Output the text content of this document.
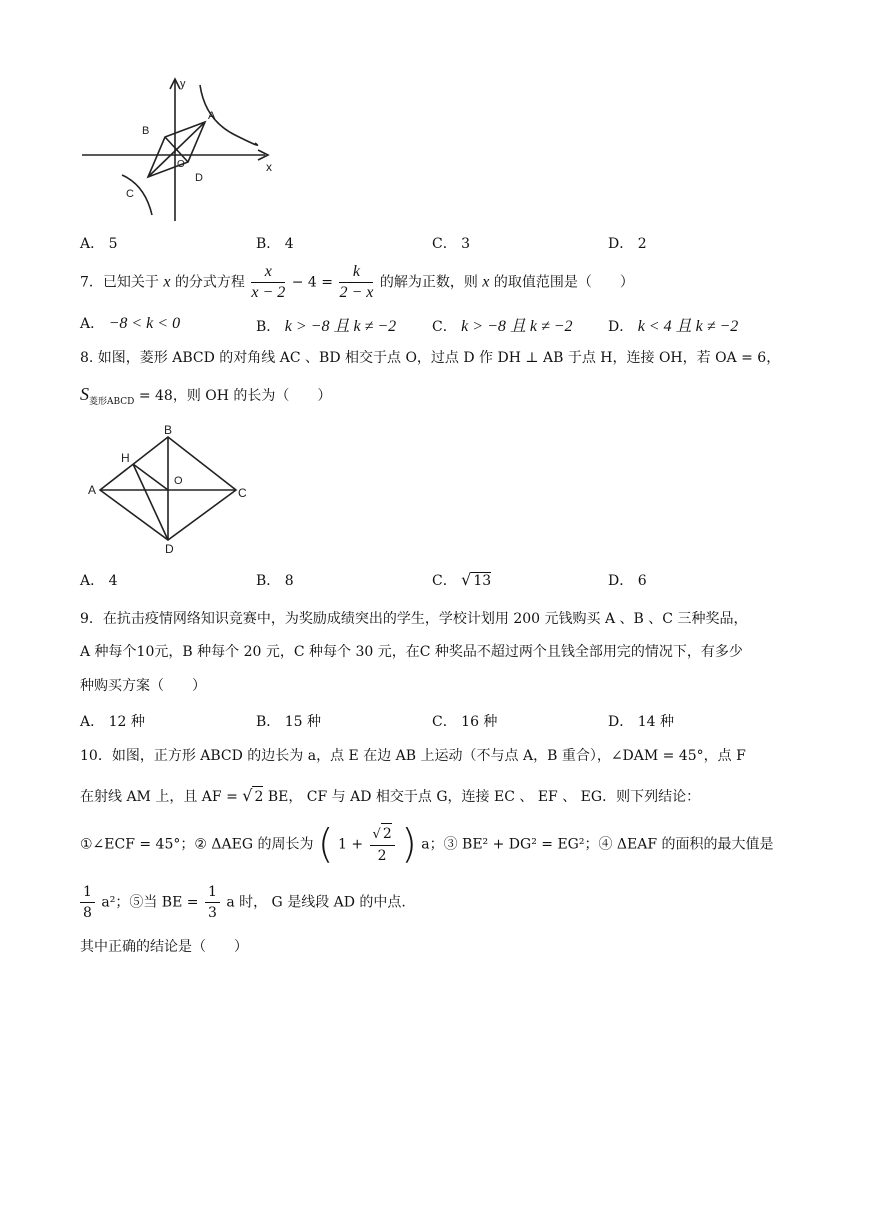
y
x
A
B
C
D
O
A． 5	B． 4	C． 3	D． 2
7．已知关于 x 的分式方程 $\frac{x}{x - 2} - 4 = \frac{k}{2 - x}$ 的解为正数，则 x 的取值范围是（　　）
A． −8 < k < 0	B． k > −8 且 k ≠ −2	C． k > −8 且 k ≠ −2	D． k < 4 且 k ≠ −2
8. 如图，菱形 ABCD 的对角线 AC 、BD 相交于点 O，过点 D 作 DH ⊥ AB 于点 H，连接 OH，若 OA = 6，
$S_{菱形ABCD} = 48$，则 OH 的长为（　　）
B
H
O
A	C
D
A． 4	B． 8	C． √ 13	D． 6
9．在抗击疫情网络知识竞赛中，为奖励成绩突出的学生，学校计划用 200 元钱购买 A 、B 、C 三种奖品，
A 种每个10元，B 种每个 20 元，C 种每个 30 元，在C 种奖品不超过两个且钱全部用完的情况下，有多少
种购买方案（　　）
A． 12 种	B． 15 种	C． 16 种	D． 14 种
10．如图，正方形 ABCD 的边长为 a，点 E 在边 AB 上运动（不与点 A，B 重合），∠DAM = 45°，点 F
在射线 AM 上，且 AF = √ 2 BE， CF 与 AD 相交于点 G，连接 EC 、 EF 、 EG．则下列结论：
①∠ECF = 45°；② ΔAEG 的周长为 ( $1 + \frac{√ 2}{2}$ ) a；③ BE² + DG² = EG²；④ ΔEAF 的面积的最大值是
$\frac{1}{8} a^2$；⑤当 BE = $\frac{1}{3}$ a 时， G 是线段 AD 的中点.
其中正确的结论是（　　）
